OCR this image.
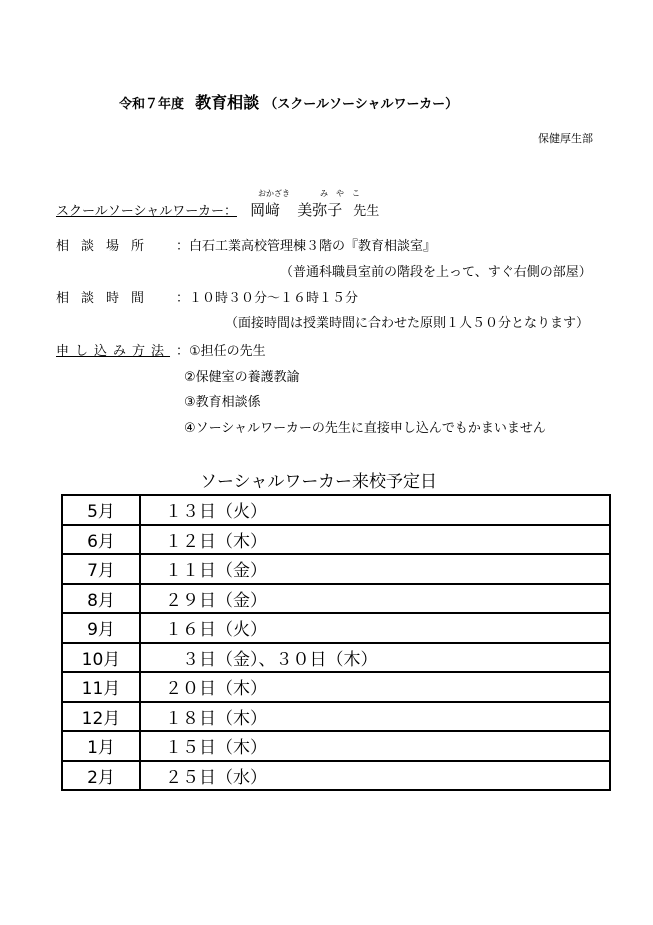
令和７年度 教育相談 （スクールソーシャルワーカー）
保健厚生部
おかざき	み　や　こ
スクールソーシャルワーカー： 岡﨑 美弥子 先生
相談場所 ：白石工業高校管理棟３階の『教育相談室』
（普通科職員室前の階段を上って、すぐ右側の部屋）
相談時間 ：１０時３０分～１６時１５分
（面接時間は授業時間に合わせた原則１人５０分となります）
申し込み方法 ：①担任の先生
②保健室の養護教諭
③教育相談係
④ソーシャルワーカーの先生に直接申し込んでもかまいません
ソーシャルワーカー来校予定日
5月	１３日（火）
6月	１２日（木）
7月	１１日（金）
8月	２９日（金）
9月	１６日（火）
10月	　３日（金）、３０日（木）
11月	２０日（木）
12月	１８日（木）
1月	１５日（木）
2月	２５日（水）
